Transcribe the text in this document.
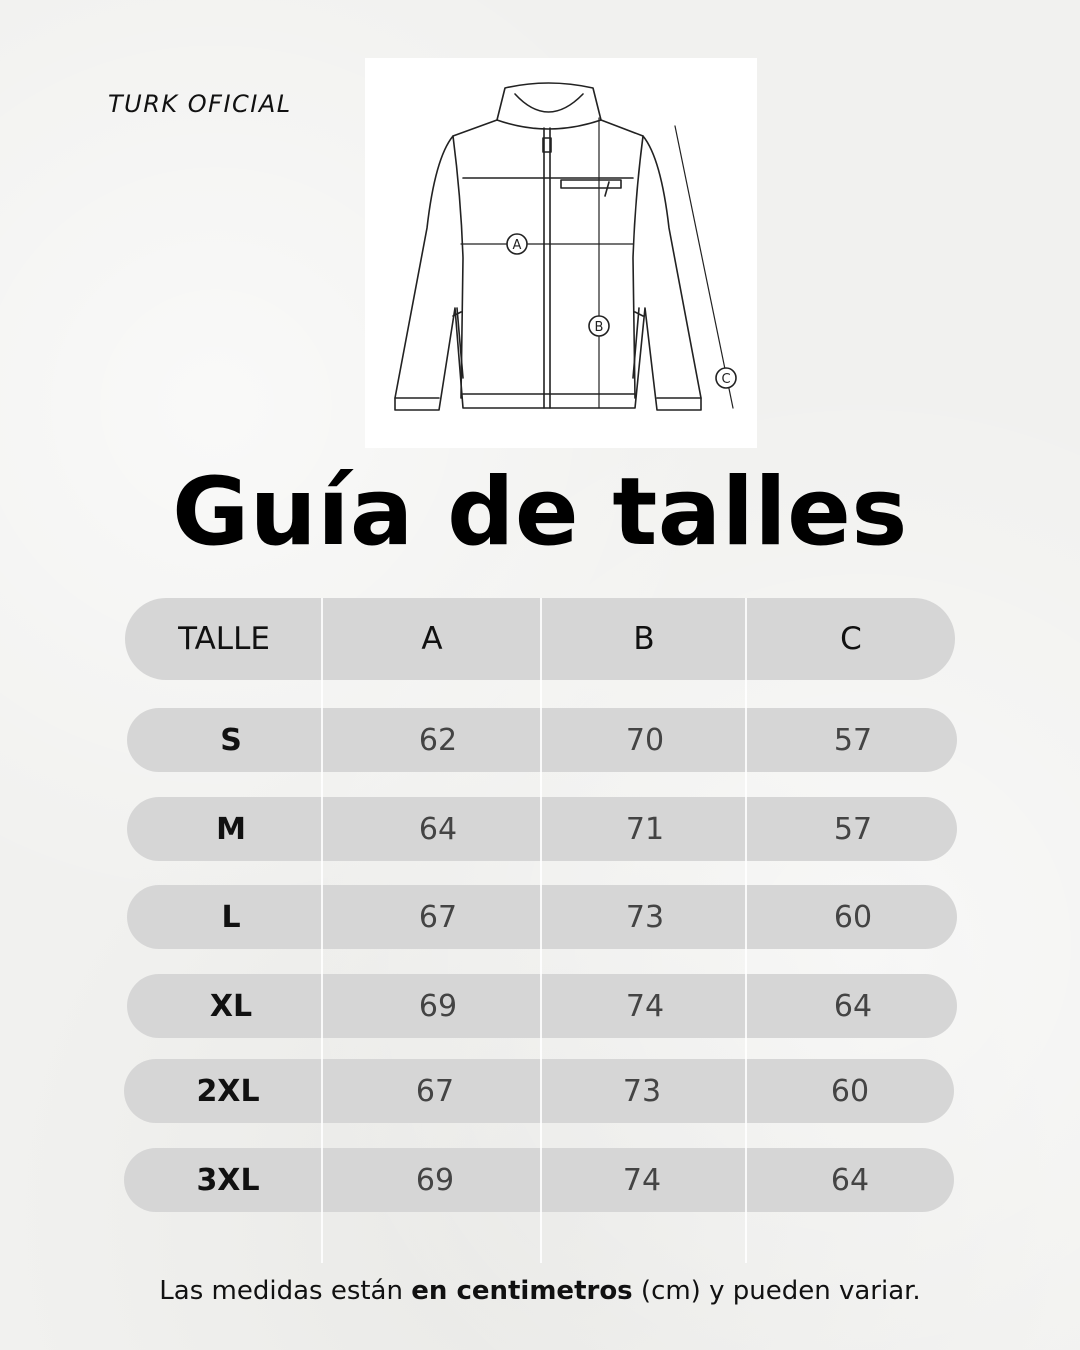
TURK OFICIAL
A
B
C
Guía de talles
TALLE	A	B	C
S	62	70	57
M	64	71	57
L	67	73	60
XL	69	74	64
2XL	67	73	60
3XL	69	74	64
Las medidas están en centimetros (cm) y pueden variar.
